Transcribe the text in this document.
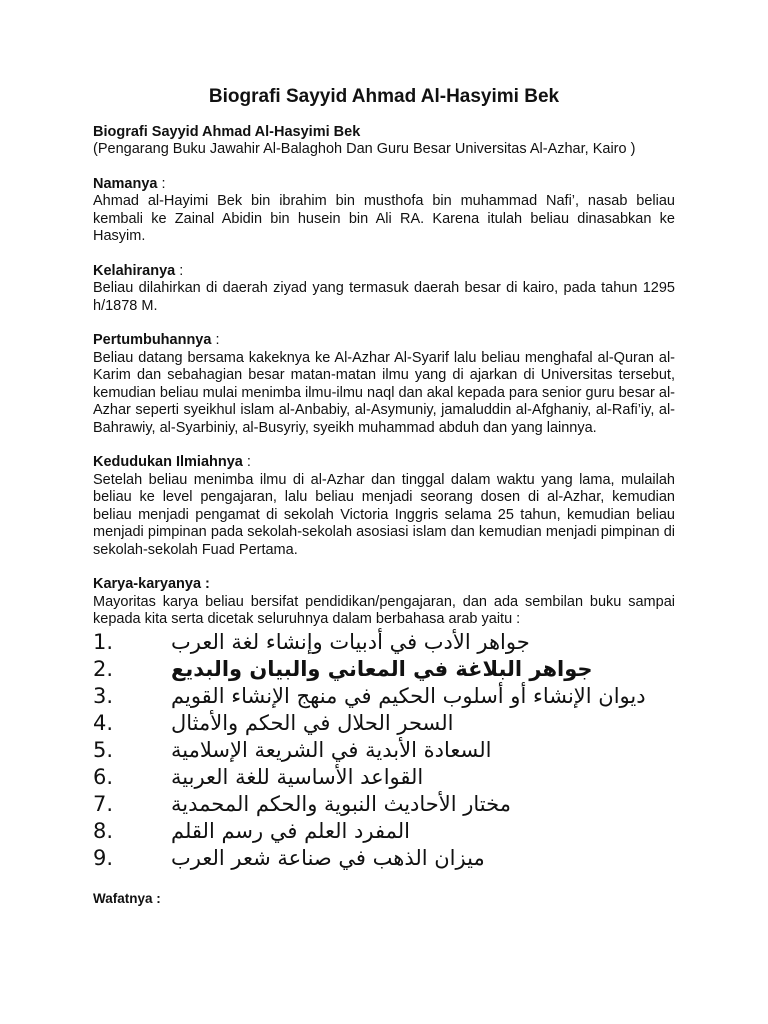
Biografi Sayyid Ahmad Al-Hasyimi Bek
Biografi Sayyid Ahmad Al-Hasyimi Bek
(Pengarang Buku Jawahir Al-Balaghoh Dan Guru Besar Universitas Al-Azhar, Kairo )
Namanya :
Ahmad al-Hayimi Bek bin ibrahim bin musthofa bin muhammad Nafi’, nasab beliau kembali ke Zainal Abidin bin husein bin Ali RA. Karena itulah beliau dinasabkan ke Hasyim.
Kelahiranya :
Beliau dilahirkan di daerah ziyad yang termasuk daerah besar di kairo, pada tahun 1295 h/1878 M.
Pertumbuhannya :
Beliau datang bersama kakeknya ke Al-Azhar Al-Syarif lalu beliau menghafal al-Quran al-Karim dan sebahagian besar matan-matan ilmu yang di ajarkan di Universitas tersebut, kemudian beliau mulai menimba ilmu-ilmu naql dan akal kepada para senior guru besar al-Azhar seperti syeikhul islam al-Anbabiy, al-Asymuniy, jamaluddin al-Afghaniy, al-Rafi’iy, al-Bahrawiy, al-Syarbiniy, al-Busyriy, syeikh muhammad abduh dan yang lainnya.
Kedudukan Ilmiahnya :
Setelah beliau menimba ilmu di al-Azhar dan tinggal dalam waktu yang lama, mulailah beliau ke level pengajaran, lalu beliau menjadi seorang dosen di al-Azhar, kemudian beliau menjadi pengamat di sekolah Victoria Inggris selama 25 tahun, kemudian beliau menjadi pimpinan pada sekolah-sekolah asosiasi islam dan kemudian menjadi pimpinan di sekolah-sekolah Fuad Pertama.
Karya-karyanya :
Mayoritas karya beliau bersifat pendidikan/pengajaran, dan ada sembilan buku sampai kepada kita serta dicetak seluruhnya dalam berbahasa arab yaitu :
1.	جواهر الأدب في أدبيات وإنشاء لغة العرب
2.	جواهر البلاغة في المعاني والبيان والبديع
3.	ديوان الإنشاء أو أسلوب الحكيم في منهج الإنشاء القويم
4.	السحر الحلال في الحكم والأمثال
5.	السعادة الأبدية في الشريعة الإسلامية
6.	القواعد الأساسية للغة العربية
7.	مختار الأحاديث النبوية والحكم المحمدية
8.	المفرد العلم في رسم القلم
9.	ميزان الذهب في صناعة شعر العرب
Wafatnya :
